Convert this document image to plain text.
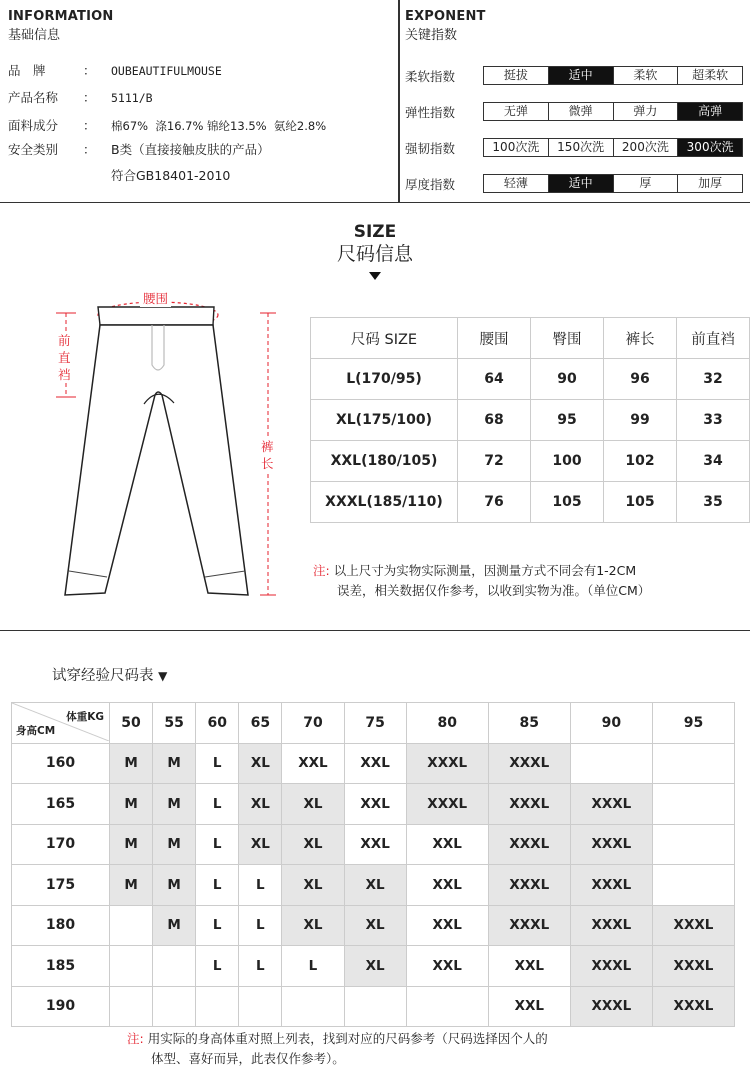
INFORMATION
基础信息
品　牌	： OUBEAUTIFULMOUSE
产品名称 ： 5111/B
面料成分 ： 棉67%  涤16.7% 锦纶13.5%  氨纶2.8%
安全类别 ： B类（直接接触皮肤的产品）
符合GB18401-2010
EXPONENT
关键指数
柔软指数	挺拔	适中	柔软	超柔软
弹性指数	无弹	微弹	弹力	高弹
强韧指数	100次洗	150次洗	200次洗	300次洗
厚度指数	轻薄	适中	厚	加厚
SIZE
尺码信息
腰围
前直裆
裤长
尺码 SIZE	腰围	臀围	裤长	前直裆
L(170/95)	64	90	96	32
XL(175/100)	68	95	99	33
XXL(180/105)	72	100	102	34
XXXL(185/110)	76	105	105	35
注: 以上尺寸为实物实际测量，因测量方式不同会有1-2CM
误差，相关数据仅作参考，以收到实物为准。（单位CM）
试穿经验尺码表 ▼
体重KG
身高CM	50	55	60	65	70	75	80	85	90	95
160	M	M	L	XL	XXL	XXL	XXXL	XXXL		
165	M	M	L	XL	XL	XXL	XXXL	XXXL	XXXL	
170	M	M	L	XL	XL	XXL	XXL	XXXL	XXXL	
175	M	M	L	L	XL	XL	XXL	XXXL	XXXL	
180		M	L	L	XL	XL	XXL	XXXL	XXXL	XXXL
185			L	L	L	XL	XXL	XXL	XXXL	XXXL
190								XXL	XXXL	XXXL
注: 用实际的身高体重对照上列表，找到对应的尺码参考（尺码选择因个人的
体型、喜好而异，此表仅作参考）。
